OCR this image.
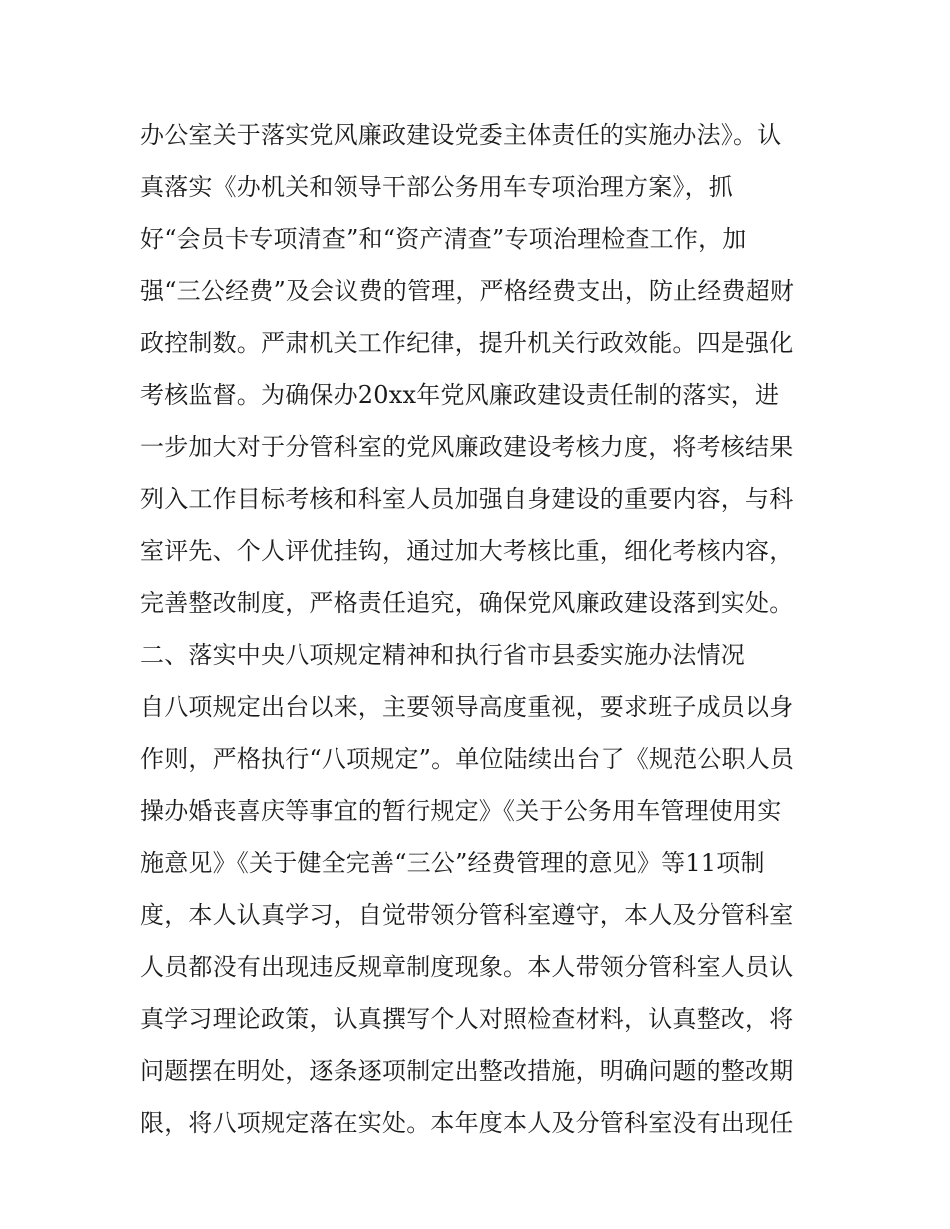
办公室关于落实党风廉政建设党委主体责任的实施办法》。认
真落实《办机关和领导干部公务用车专项治理方案》，抓
好“会员卡专项清查”和“资产清查”专项治理检查工作，加
强“三公经费”及会议费的管理，严格经费支出，防止经费超财
政控制数。严肃机关工作纪律，提升机关行政效能。四是强化
考核监督。为确保办20xx年党风廉政建设责任制的落实，进
一步加大对于分管科室的党风廉政建设考核力度，将考核结果
列入工作目标考核和科室人员加强自身建设的重要内容，与科
室评先、个人评优挂钩，通过加大考核比重，细化考核内容，
完善整改制度，严格责任追究，确保党风廉政建设落到实处。
二、落实中央八项规定精神和执行省市县委实施办法情况
自八项规定出台以来，主要领导高度重视，要求班子成员以身
作则，严格执行“八项规定”。单位陆续出台了《规范公职人员
操办婚丧喜庆等事宜的暂行规定》《关于公务用车管理使用实
施意见》《关于健全完善“三公”经费管理的意见》等11项制
度，本人认真学习，自觉带领分管科室遵守，本人及分管科室
人员都没有出现违反规章制度现象。本人带领分管科室人员认
真学习理论政策，认真撰写个人对照检查材料，认真整改，将
问题摆在明处，逐条逐项制定出整改措施，明确问题的整改期
限，将八项规定落在实处。本年度本人及分管科室没有出现任
